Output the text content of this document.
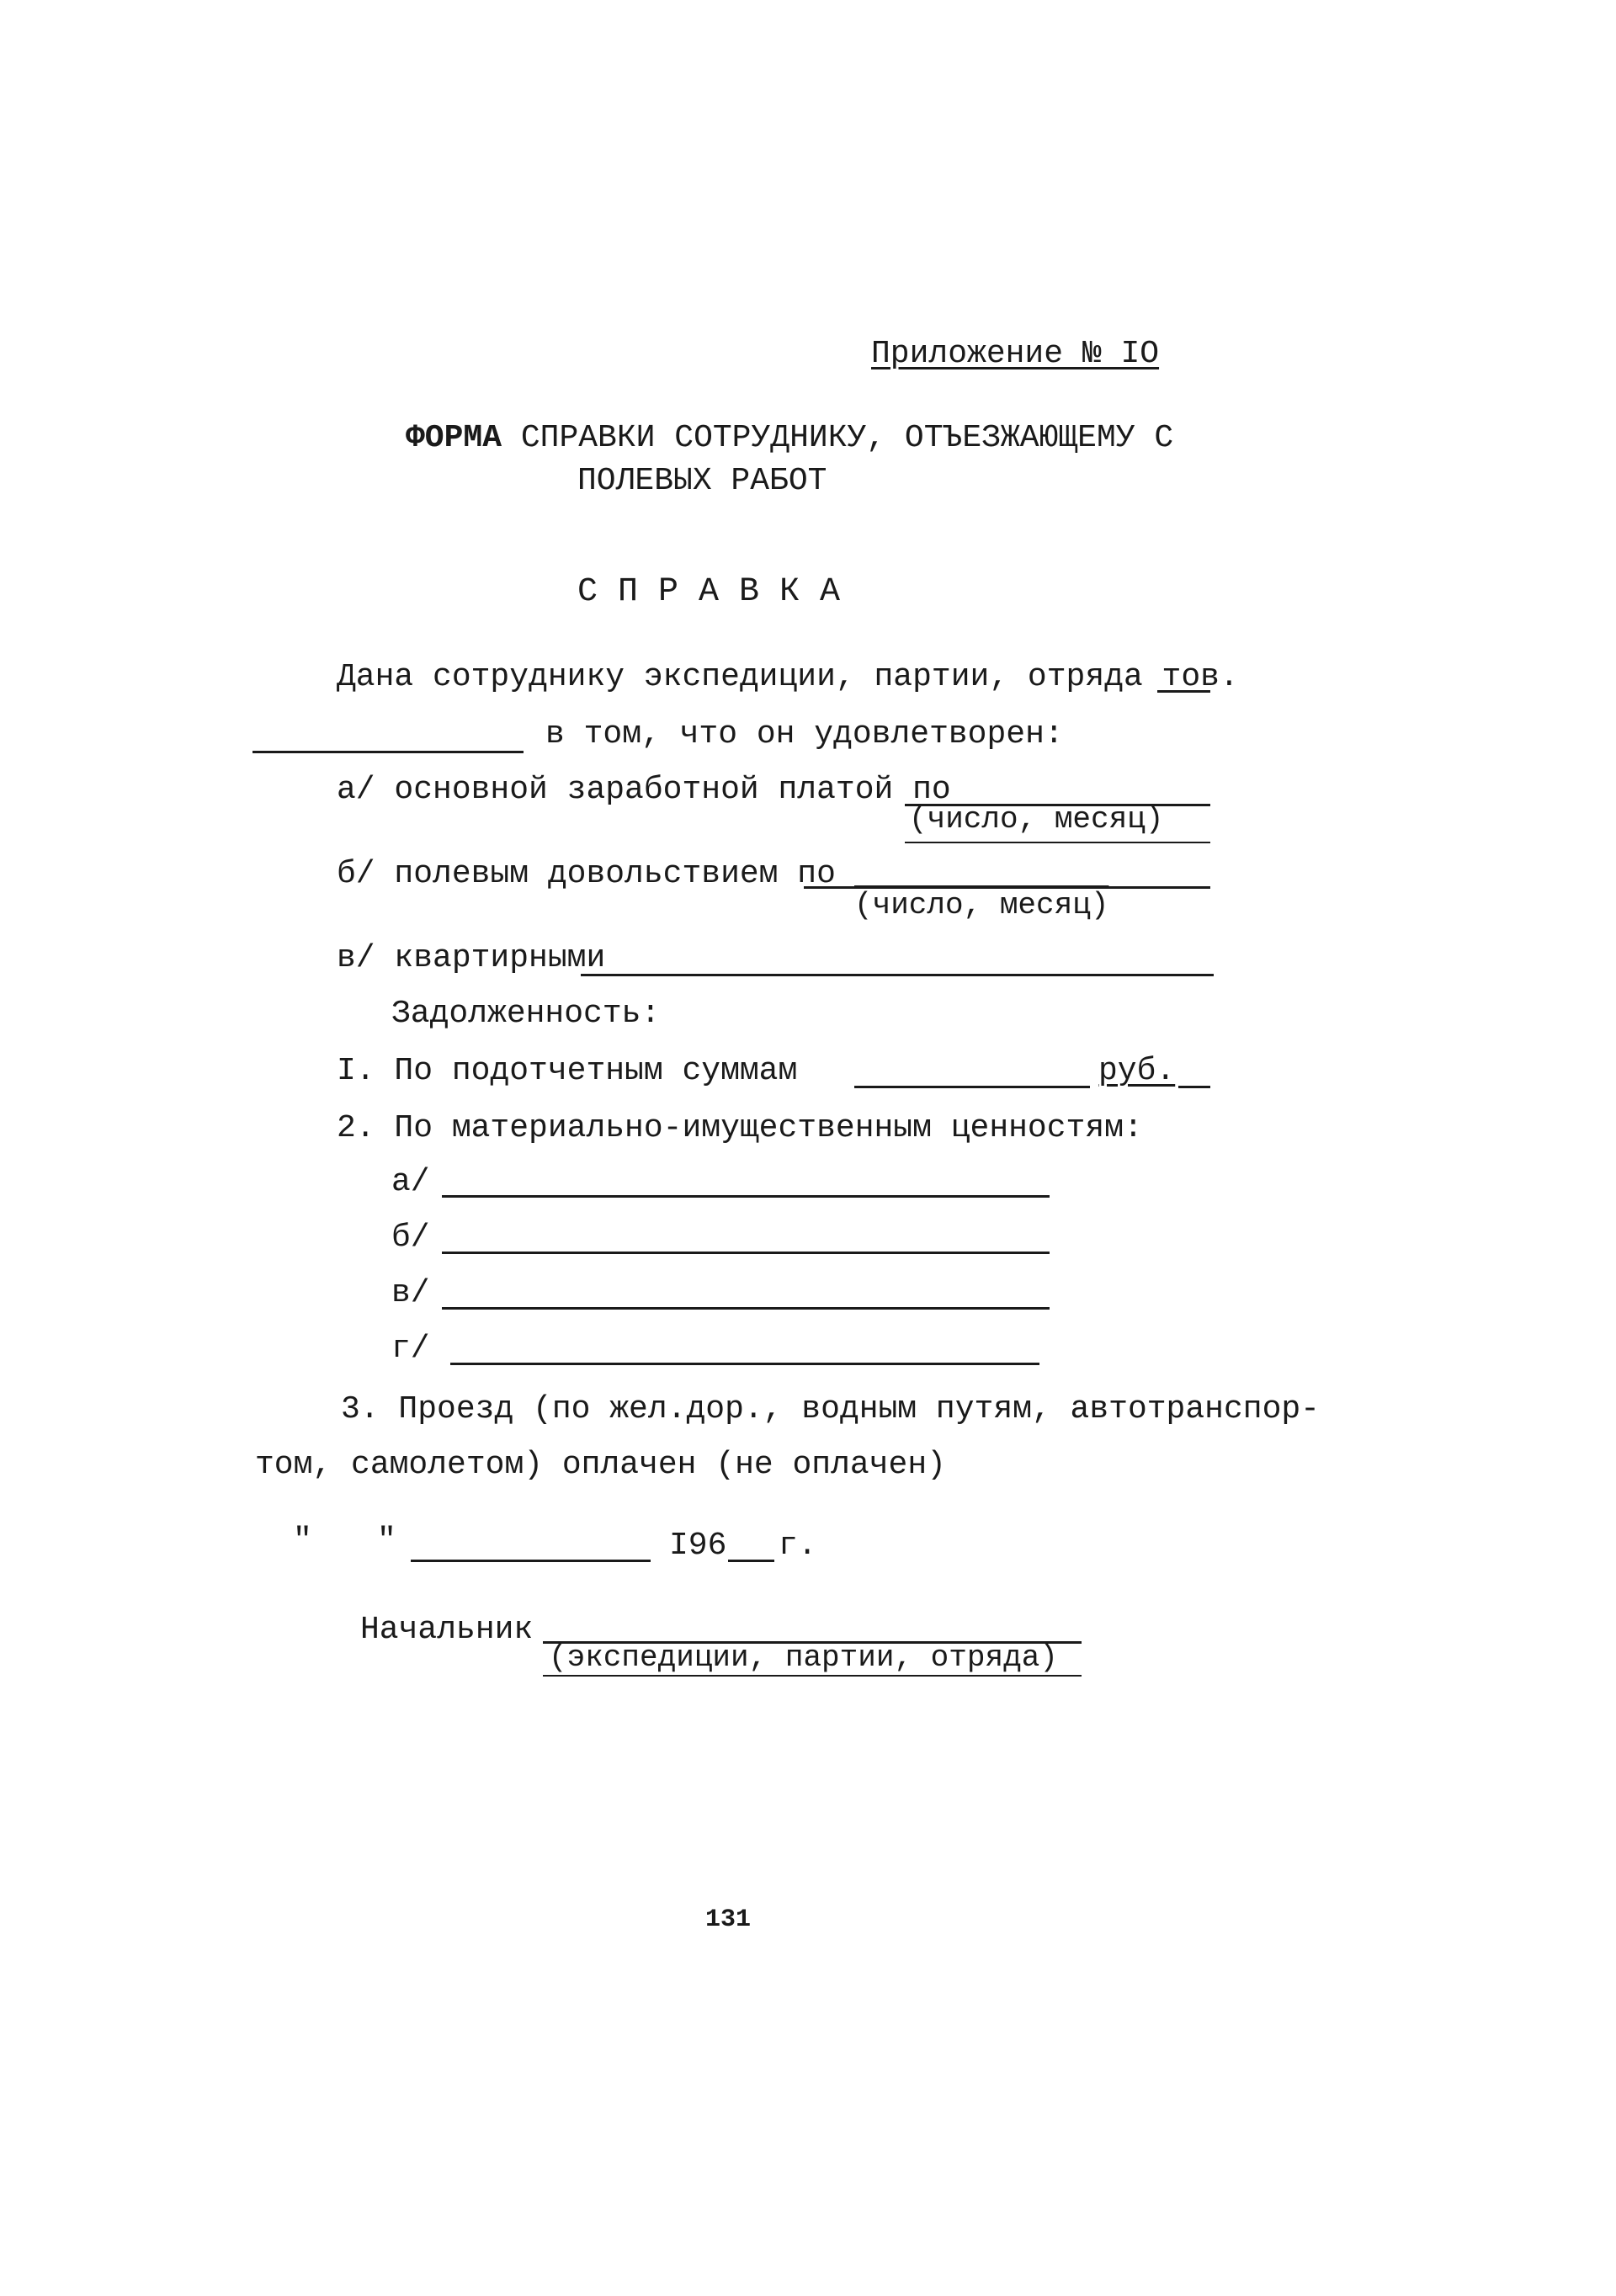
Приложение № IO
ФОРМА СПРАВКИ СОТРУДНИКУ, ОТЪЕЗЖАЮЩЕМУ С
ПОЛЕВЫХ РАБОТ
С П Р А В К А
Дана сотруднику экспедиции, партии, отряда тов.
в том, что он удовлетворен:
а/ основной заработной платой по
(число, месяц)
б/ полевым довольствием по
(число, месяц)
в/ квартирными
Задолженность:
I. По подотчетным суммам	руб.
2. По материально-имущественным ценностям:
а/
б/
в/
г/
3. Проезд (по жел.дор., водным путям, автотранспор-
том, самолетом) оплачен (не оплачен)
" "	I96 г.
Начальник
(экспедиции, партии, отряда)
131
